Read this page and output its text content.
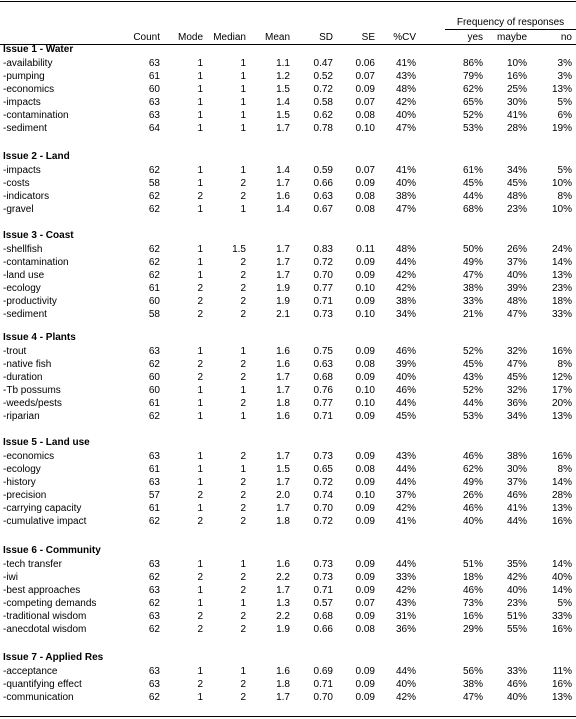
Frequency of responses
Count	Mode	Median	Mean	SD	SE	%CV	yes	maybe	no
Issue 1 - Water
-availability	63	1	1	1.1	0.47	0.06	41%	86%	10%	3%
-pumping	61	1	1	1.2	0.52	0.07	43%	79%	16%	3%
-economics	60	1	1	1.5	0.72	0.09	48%	62%	25%	13%
-impacts	63	1	1	1.4	0.58	0.07	42%	65%	30%	5%
-contamination	63	1	1	1.5	0.62	0.08	40%	52%	41%	6%
-sediment	64	1	1	1.7	0.78	0.10	47%	53%	28%	19%
Issue 2 - Land
-impacts	62	1	1	1.4	0.59	0.07	41%	61%	34%	5%
-costs	58	1	2	1.7	0.66	0.09	40%	45%	45%	10%
-indicators	62	2	2	1.6	0.63	0.08	38%	44%	48%	8%
-gravel	62	1	1	1.4	0.67	0.08	47%	68%	23%	10%
Issue 3 - Coast
-shellfish	62	1	1.5	1.7	0.83	0.11	48%	50%	26%	24%
-contamination	62	1	2	1.7	0.72	0.09	44%	49%	37%	14%
-land use	62	1	2	1.7	0.70	0.09	42%	47%	40%	13%
-ecology	61	2	2	1.9	0.77	0.10	42%	38%	39%	23%
-productivity	60	2	2	1.9	0.71	0.09	38%	33%	48%	18%
-sediment	58	2	2	2.1	0.73	0.10	34%	21%	47%	33%
Issue 4 - Plants
-trout	63	1	1	1.6	0.75	0.09	46%	52%	32%	16%
-native fish	62	2	2	1.6	0.63	0.08	39%	45%	47%	8%
-duration	60	2	2	1.7	0.68	0.09	40%	43%	45%	12%
-Tb possums	60	1	1	1.7	0.76	0.10	46%	52%	32%	17%
-weeds/pests	61	1	2	1.8	0.77	0.10	44%	44%	36%	20%
-riparian	62	1	1	1.6	0.71	0.09	45%	53%	34%	13%
Issue 5 - Land use
-economics	63	1	2	1.7	0.73	0.09	43%	46%	38%	16%
-ecology	61	1	1	1.5	0.65	0.08	44%	62%	30%	8%
-history	63	1	2	1.7	0.72	0.09	44%	49%	37%	14%
-precision	57	2	2	2.0	0.74	0.10	37%	26%	46%	28%
-carrying capacity	61	1	2	1.7	0.70	0.09	42%	46%	41%	13%
-cumulative impact	62	2	2	1.8	0.72	0.09	41%	40%	44%	16%
Issue 6 - Community
-tech transfer	63	1	1	1.6	0.73	0.09	44%	51%	35%	14%
-iwi	62	2	2	2.2	0.73	0.09	33%	18%	42%	40%
-best approaches	63	1	2	1.7	0.71	0.09	42%	46%	40%	14%
-competing demands	62	1	1	1.3	0.57	0.07	43%	73%	23%	5%
-traditional wisdom	63	2	2	2.2	0.68	0.09	31%	16%	51%	33%
-anecdotal wisdom	62	2	2	1.9	0.66	0.08	36%	29%	55%	16%
Issue 7 - Applied Res
-acceptance	63	1	1	1.6	0.69	0.09	44%	56%	33%	11%
-quantifying effect	63	2	2	1.8	0.71	0.09	40%	38%	46%	16%
-communication	62	1	2	1.7	0.70	0.09	42%	47%	40%	13%
